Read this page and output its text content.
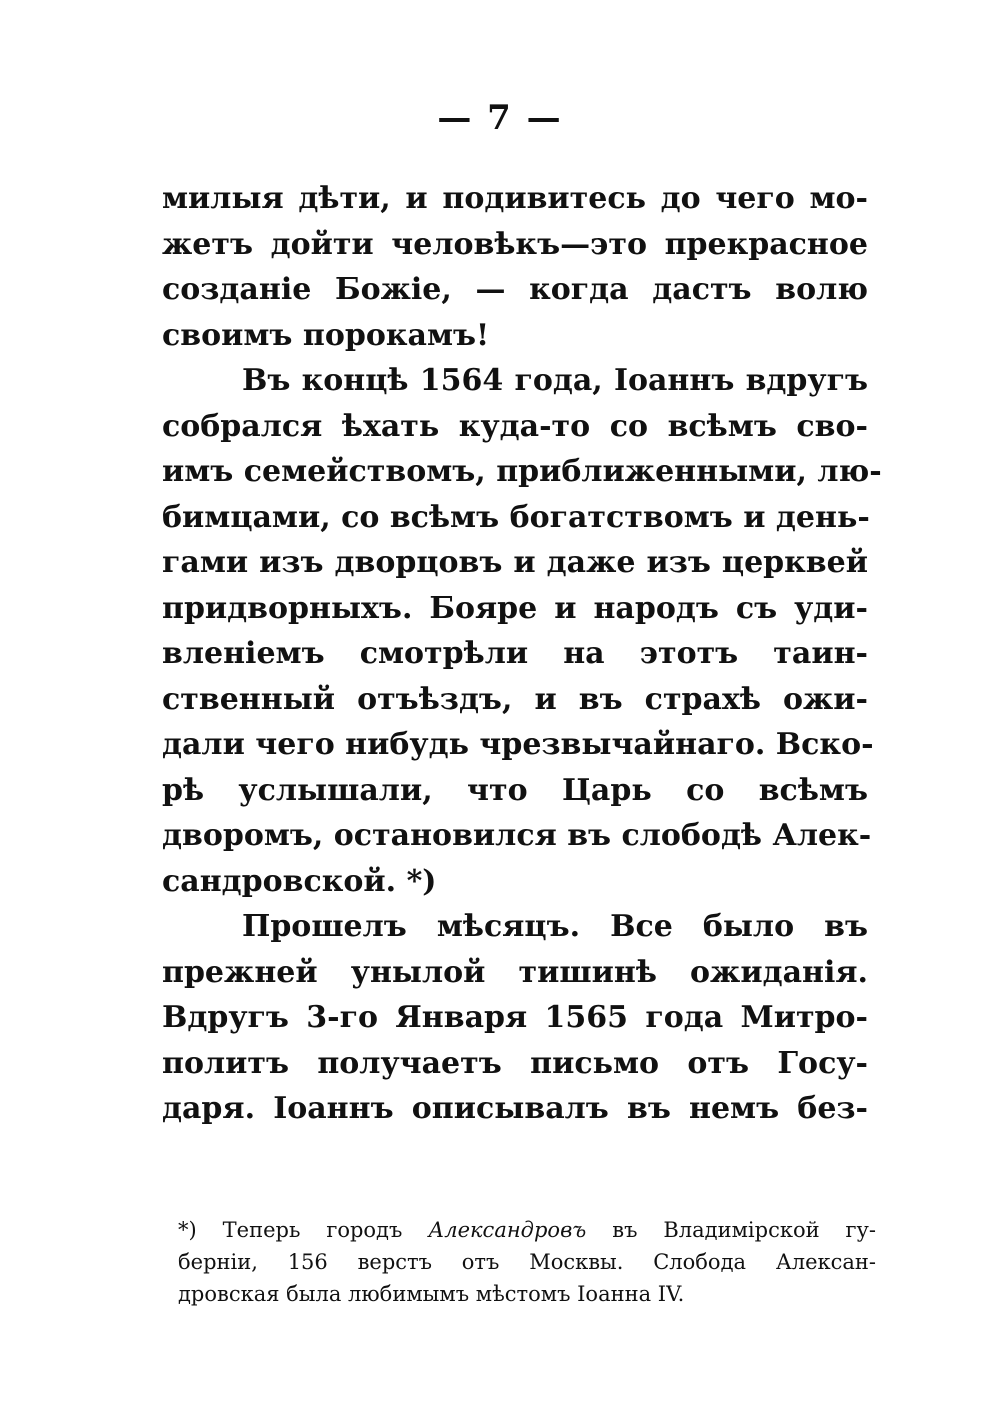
— 7 —
милыя дѣти, и подивитесь до чего мо-
жетъ дойти человѣкъ—это прекрасное
созданіе Божіе, — когда дастъ волю
своимъ порокамъ!
Въ концѣ 1564 года, Іоаннъ вдругъ
собрался ѣхать куда-то со всѣмъ сво-
имъ семействомъ, приближенными, лю-
бимцами, со всѣмъ богатствомъ и день-
гами изъ дворцовъ и даже изъ церквей
придворныхъ. Бояре и народъ съ уди-
вленіемъ смотрѣли на этотъ таин-
ственный отъѣздъ, и въ страхѣ ожи-
дали чего нибудь чрезвычайнаго. Вско-
рѣ услышали, что Царь со всѣмъ
дворомъ, остановился въ слободѣ Алек-
сандровской. *)
Прошелъ мѣсяцъ. Все было въ
прежней унылой тишинѣ ожиданія.
Вдругъ 3-го Января 1565 года Митро-
политъ получаетъ письмо отъ Госу-
даря. Іоаннъ описывалъ въ немъ без-
*) Теперь городъ Александровъ въ Владимірской гу-
берніи, 156 верстъ отъ Москвы. Слобода Алексан-
дровская была любимымъ мѣстомъ Іоанна IV.
